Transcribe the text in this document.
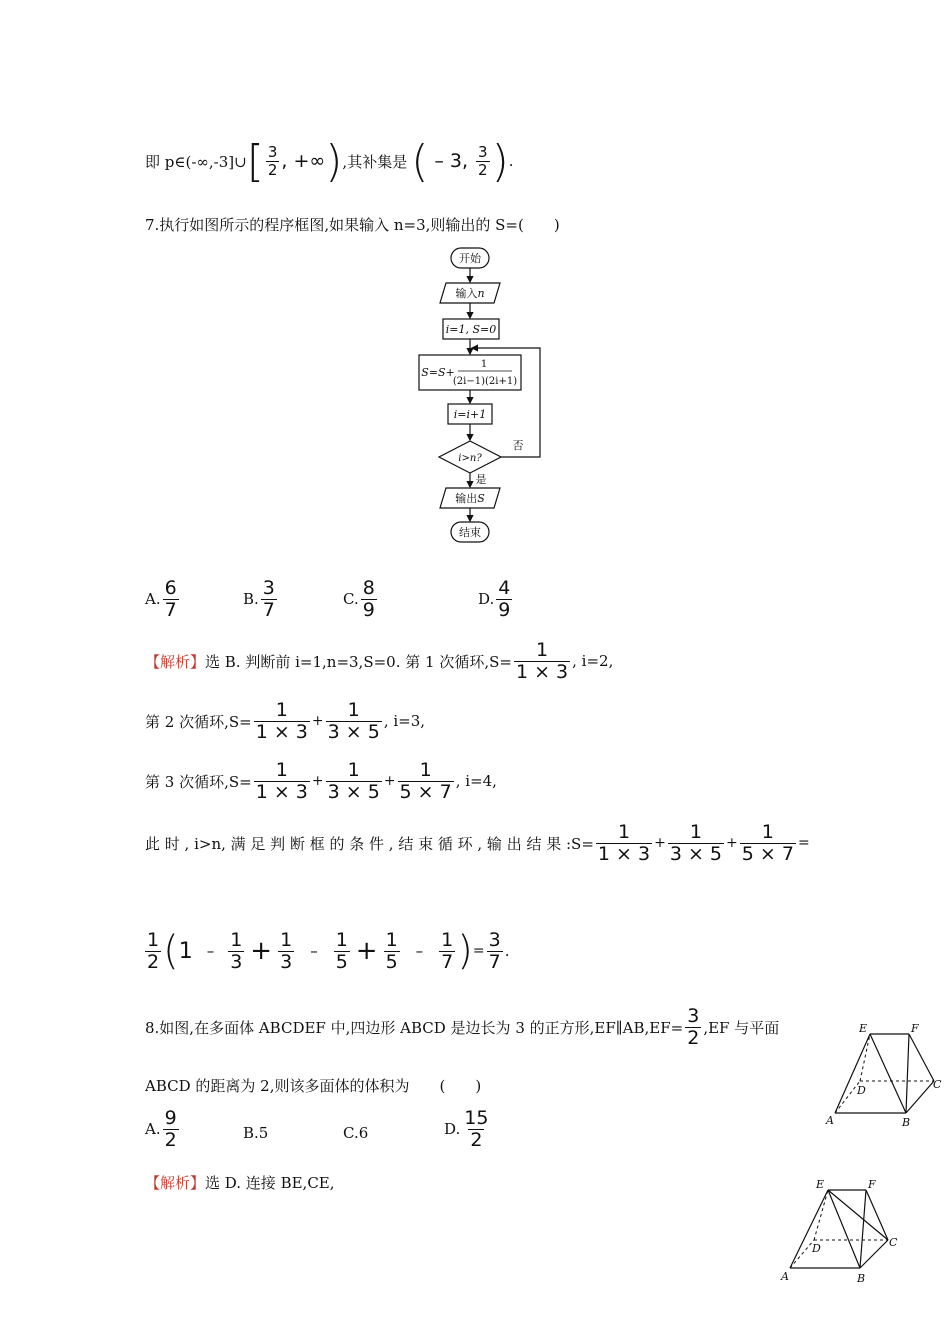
即 p∈(-∞,-3]∪ [ $\frac{3}{2}$ , +∞ ) ,其补集是 ( – 3, $\frac{3}{2}$ ) .
7.执行如图所示的程序框图,如果输入 n=3,则输出的 S=(　　)
开始
输入n
i=1, S=0
S=S+
1
(2i−1)(2i+1)
i=i+1
i>n?
否
是
输出S
结束
A. $\frac{6}{7}$	B. $\frac{3}{7}$	C. $\frac{8}{9}$	D. $\frac{4}{9}$
【解析】 选 B. 判断前 i=1,n=3,S=0. 第 1 次循环$,S= \frac{1}{1 \times 3}$ , i=2,
第 2 次循环$,S= \frac{1}{1 \times 3} + \frac{1}{3 \times 5}$ , i=3,
第 3 次循环$,S= \frac{1}{1 \times 3} + \frac{1}{3 \times 5} + \frac{1}{5 \times 7}$ , i=4,
此 时 , i>n, 满 足 判 断 框 的 条 件 , 结 束 循 环 , 输 出 结 果 :S= $\frac{1}{1 \times 3} + \frac{1}{3 \times 5} + \frac{1}{5 \times 7}$ =
$\frac{1}{2}$ ( $1 - \frac{1}{3} + \frac{1}{3} - \frac{1}{5} + \frac{1}{5} - \frac{1}{7}$ ) = $\frac{3}{7}$ .
8.如图,在多面体 ABCDEF 中,四边形 ABCD 是边长为 3 的正方形,EF∥AB,EF= $\frac{3}{2} ,EF$ 与平面
ABCD 的距离为 2,则该多面体的体积为　　(　　)
A. $\frac{9}{2}$	B.5	C.6	D. $\frac{15}{2}$
【解析】选 D. 连接 BE,CE,
E	F
C
D
A	B
E	F
C
D
A	B
